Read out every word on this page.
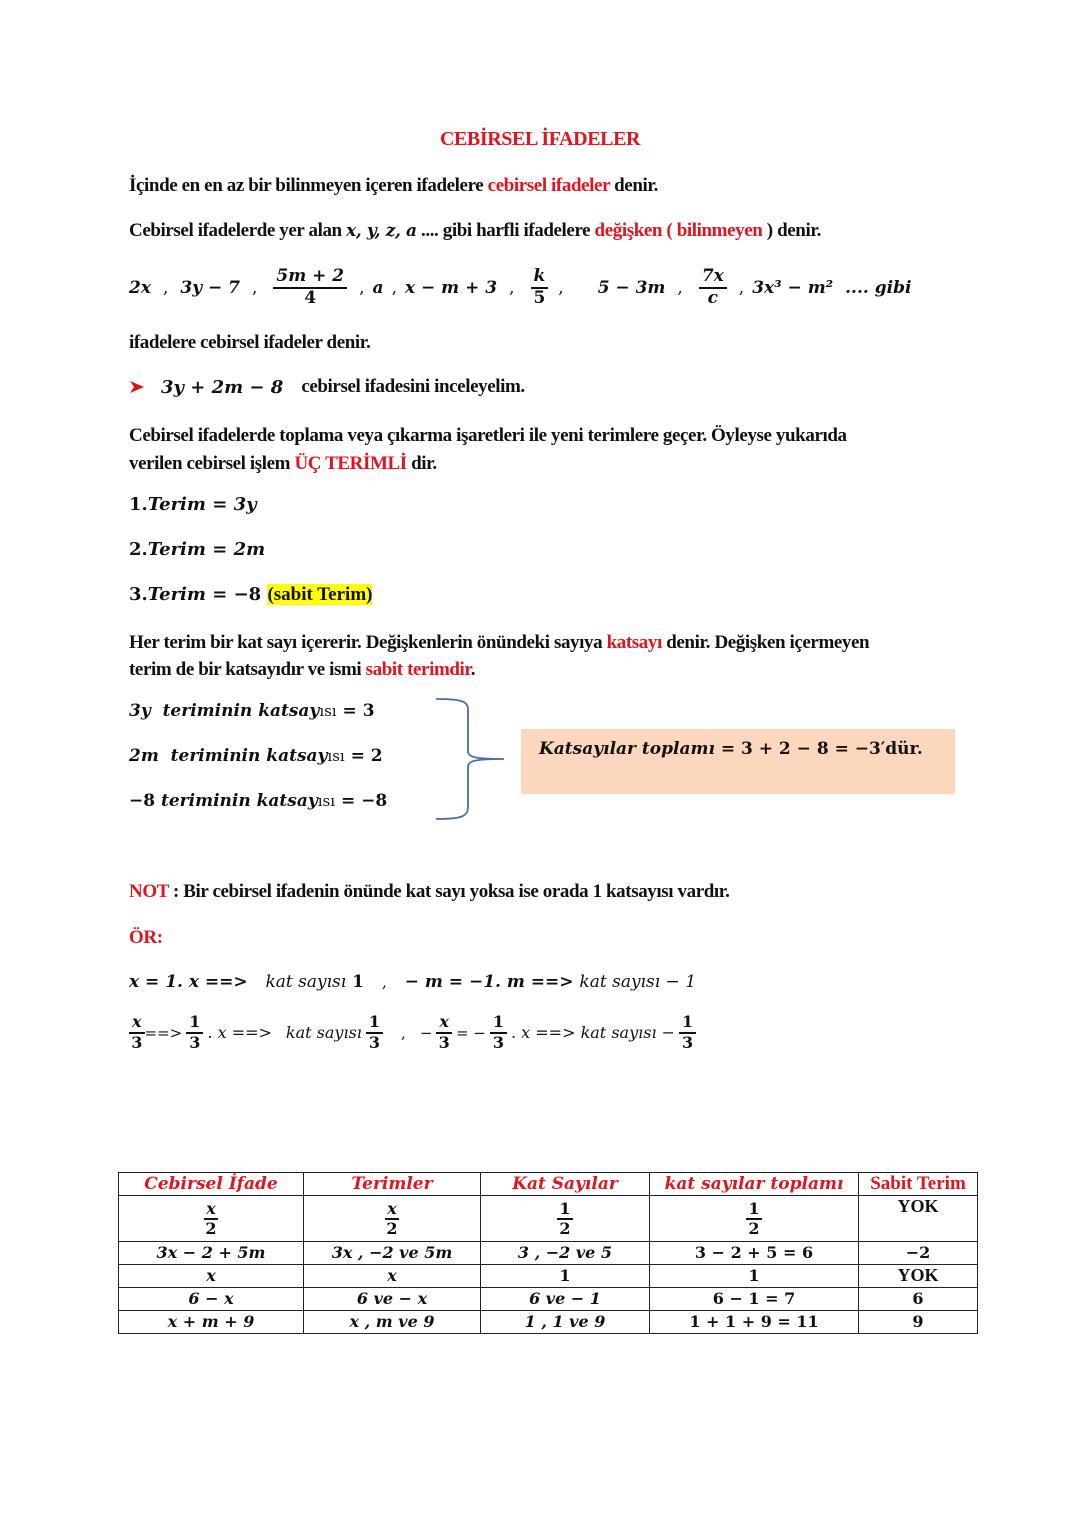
CEBİRSEL İFADELER
İçinde en en az bir bilinmeyen içeren ifadelere cebirsel ifadeler denir.
Cebirsel ifadelerde yer alan x, y, z, a .... gibi harfli ifadelere değişken ( bilinmeyen ) denir.
2x , 3y − 7 , $\frac{5m + 2}{4}$ , a , x − m + 3 , $\frac{k}{5}$ , 5 − 3m , $\frac{7x}{c}$ , 3x³ − m² .... gibi
ifadelere cebirsel ifadeler denir.
3y + 2m − 8 cebirsel ifadesini inceleyelim.
Cebirsel ifadelerde toplama veya çıkarma işaretleri ile yeni terimlere geçer. Öyleyse yukarıda
verilen cebirsel işlem ÜÇ TERİMLİ dir.
1.Terim = 3y
2.Terim = 2m
3.Terim = −8 (sabit Terim)
Her terim bir kat sayı içererir. Değişkenlerin önündeki sayıya katsayı denir. Değişken içermeyen
terim de bir katsayıdır ve ismi sabit terimdir.
3y teriminin katsayısı = 3
2m teriminin katsayısı = 2
−8 teriminin katsayısı = −8
Katsayılar toplamı = 3 + 2 − 8 = −3′dür.
NOT : Bir cebirsel ifadenin önünde kat sayı yoksa ise orada 1 katsayısı vardır.
ÖR:
x = 1. x ==> kat sayısı 1 , − m = −1. m ==> kat sayısı − 1
$\frac{x}{3}$ ==> $\frac{1}{3}$ . x ==> kat sayısı $\frac{1}{3}$ , − $\frac{x}{3}$ = − $\frac{1}{3}$ . x ==> kat sayısı − $\frac{1}{3}$
Cebirsel İfade	Terimler	Kat Sayılar	kat sayılar toplamı	Sabit Terim

$\frac{x}{2}$	$\frac{x}{2}$	$\frac{1}{2}$	$\frac{1}{2}$	YOK
3x − 2 + 5m	3x , −2 ve 5m	3 , −2 ve 5	3 − 2 + 5 = 6	−2
x	x	1	1	YOK
6 − x	6 ve − x	6 ve − 1	6 − 1 = 7	6
x + m + 9	x , m ve 9	1 , 1 ve 9	1 + 1 + 9 = 11	9
